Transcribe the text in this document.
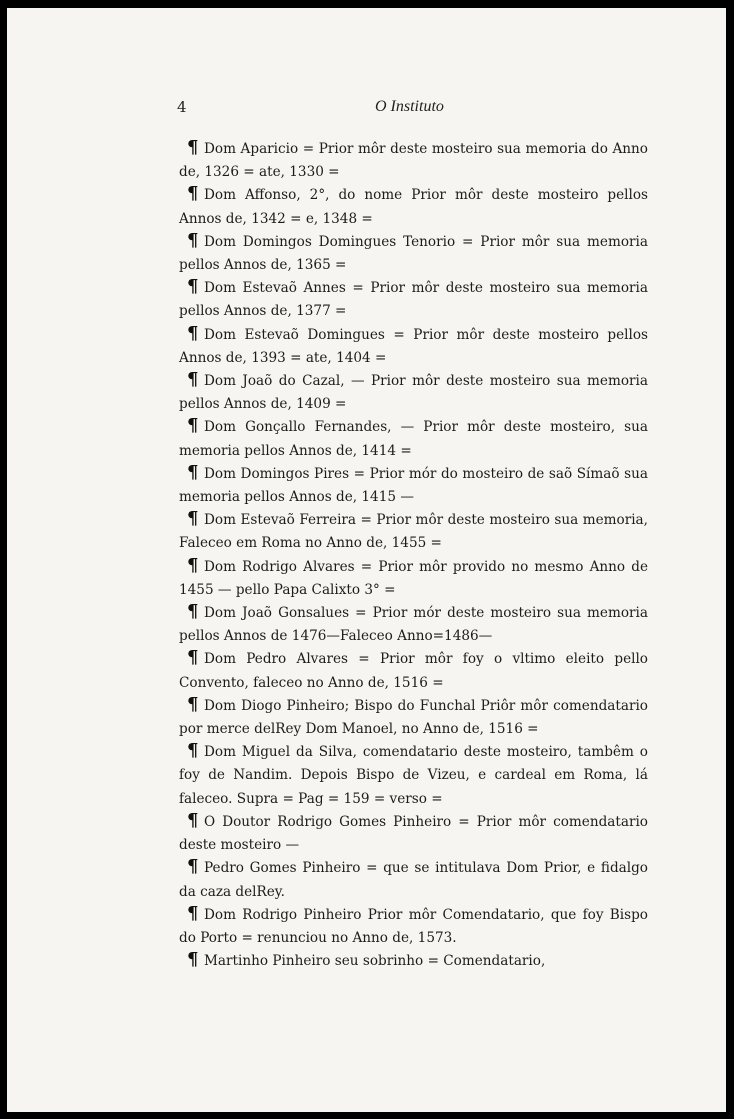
4	O Instituto
¶ Dom Aparicio = Prior môr deste mosteiro sua memoria do Anno de, 1326 = ate, 1330 =
¶ Dom Affonso, 2°, do nome Prior môr deste mosteiro pellos Annos de, 1342 = e, 1348 =
¶ Dom Domingos Domingues Tenorio = Prior môr sua memoria pellos Annos de, 1365 =
¶ Dom Estevaõ Annes = Prior môr deste mosteiro sua memoria pellos Annos de, 1377 =
¶ Dom Estevaõ Domingues = Prior môr deste mosteiro pellos Annos de, 1393 = ate, 1404 =
¶ Dom Joaõ do Cazal, — Prior môr deste mosteiro sua memoria pellos Annos de, 1409 =
¶ Dom Gonçallo Fernandes, — Prior môr deste mosteiro, sua memoria pellos Annos de, 1414 =
¶ Dom Domingos Pires = Prior mór do mosteiro de saõ Símaõ sua memoria pellos Annos de, 1415 —
¶ Dom Estevaõ Ferreira = Prior môr deste mosteiro sua memoria, Faleceo em Roma no Anno de, 1455 =
¶ Dom Rodrigo Alvares = Prior môr provido no mesmo Anno de 1455 — pello Papa Calixto 3° =
¶ Dom Joaõ Gonsalues = Prior mór deste mosteiro sua memoria pellos Annos de 1476—Faleceo Anno=1486—
¶ Dom Pedro Alvares = Prior môr foy o vltimo eleito pello Convento, faleceo no Anno de, 1516 =
¶ Dom Diogo Pinheiro; Bispo do Funchal Priôr môr comendatario por merce delRey Dom Manoel, no Anno de, 1516 =
¶ Dom Miguel da Silva, comendatario deste mosteiro, tambêm o foy de Nandim. Depois Bispo de Vizeu, e cardeal em Roma, lá faleceo. Supra = Pag = 159 = verso =
¶ O Doutor Rodrigo Gomes Pinheiro = Prior môr comendatario deste mosteiro —
¶ Pedro Gomes Pinheiro = que se intitulava Dom Prior, e fidalgo da caza delRey.
¶ Dom Rodrigo Pinheiro Prior môr Comendatario, que foy Bispo do Porto = renunciou no Anno de, 1573.
¶ Martinho Pinheiro seu sobrinho = Comendatario,
